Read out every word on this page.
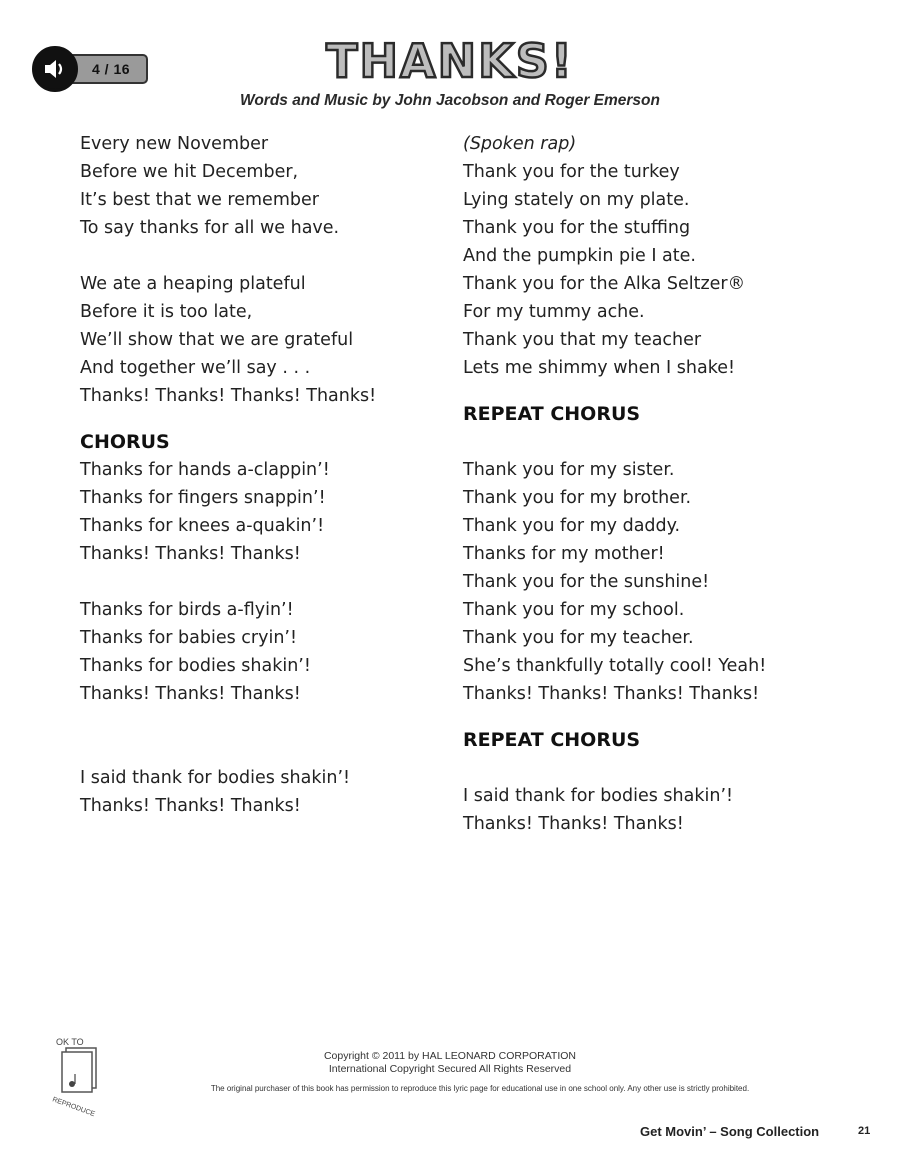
4 / 16	THANKS!
Words and Music by John Jacobson and Roger Emerson
Every new November
Before we hit December,
It’s best that we remember
To say thanks for all we have.
We ate a heaping plateful
Before it is too late,
We’ll show that we are grateful
And together we’ll say . . .
Thanks! Thanks! Thanks! Thanks!
CHORUS
Thanks for hands a-clappin’!
Thanks for fingers snappin’!
Thanks for knees a-quakin’!
Thanks! Thanks! Thanks!
Thanks for birds a-flyin’!
Thanks for babies cryin’!
Thanks for bodies shakin’!
Thanks! Thanks! Thanks!
I said thank for bodies shakin’!
Thanks! Thanks! Thanks!
(Spoken rap)
Thank you for the turkey
Lying stately on my plate.
Thank you for the stuffing
And the pumpkin pie I ate.
Thank you for the Alka Seltzer®
For my tummy ache.
Thank you that my teacher
Lets me shimmy when I shake!
REPEAT CHORUS
Thank you for my sister.
Thank you for my brother.
Thank you for my daddy.
Thanks for my mother!
Thank you for the sunshine!
Thank you for my school.
Thank you for my teacher.
She’s thankfully totally cool! Yeah!
Thanks! Thanks! Thanks! Thanks!
REPEAT CHORUS
I said thank for bodies shakin’!
Thanks! Thanks! Thanks!
OK TO
REPRODUCE
Copyright © 2011 by HAL LEONARD CORPORATION
International Copyright Secured All Rights Reserved
The original purchaser of this book has permission to reproduce this lyric page for educational use in one school only. Any other use is strictly prohibited.
Get Movin’ – Song Collection	21
